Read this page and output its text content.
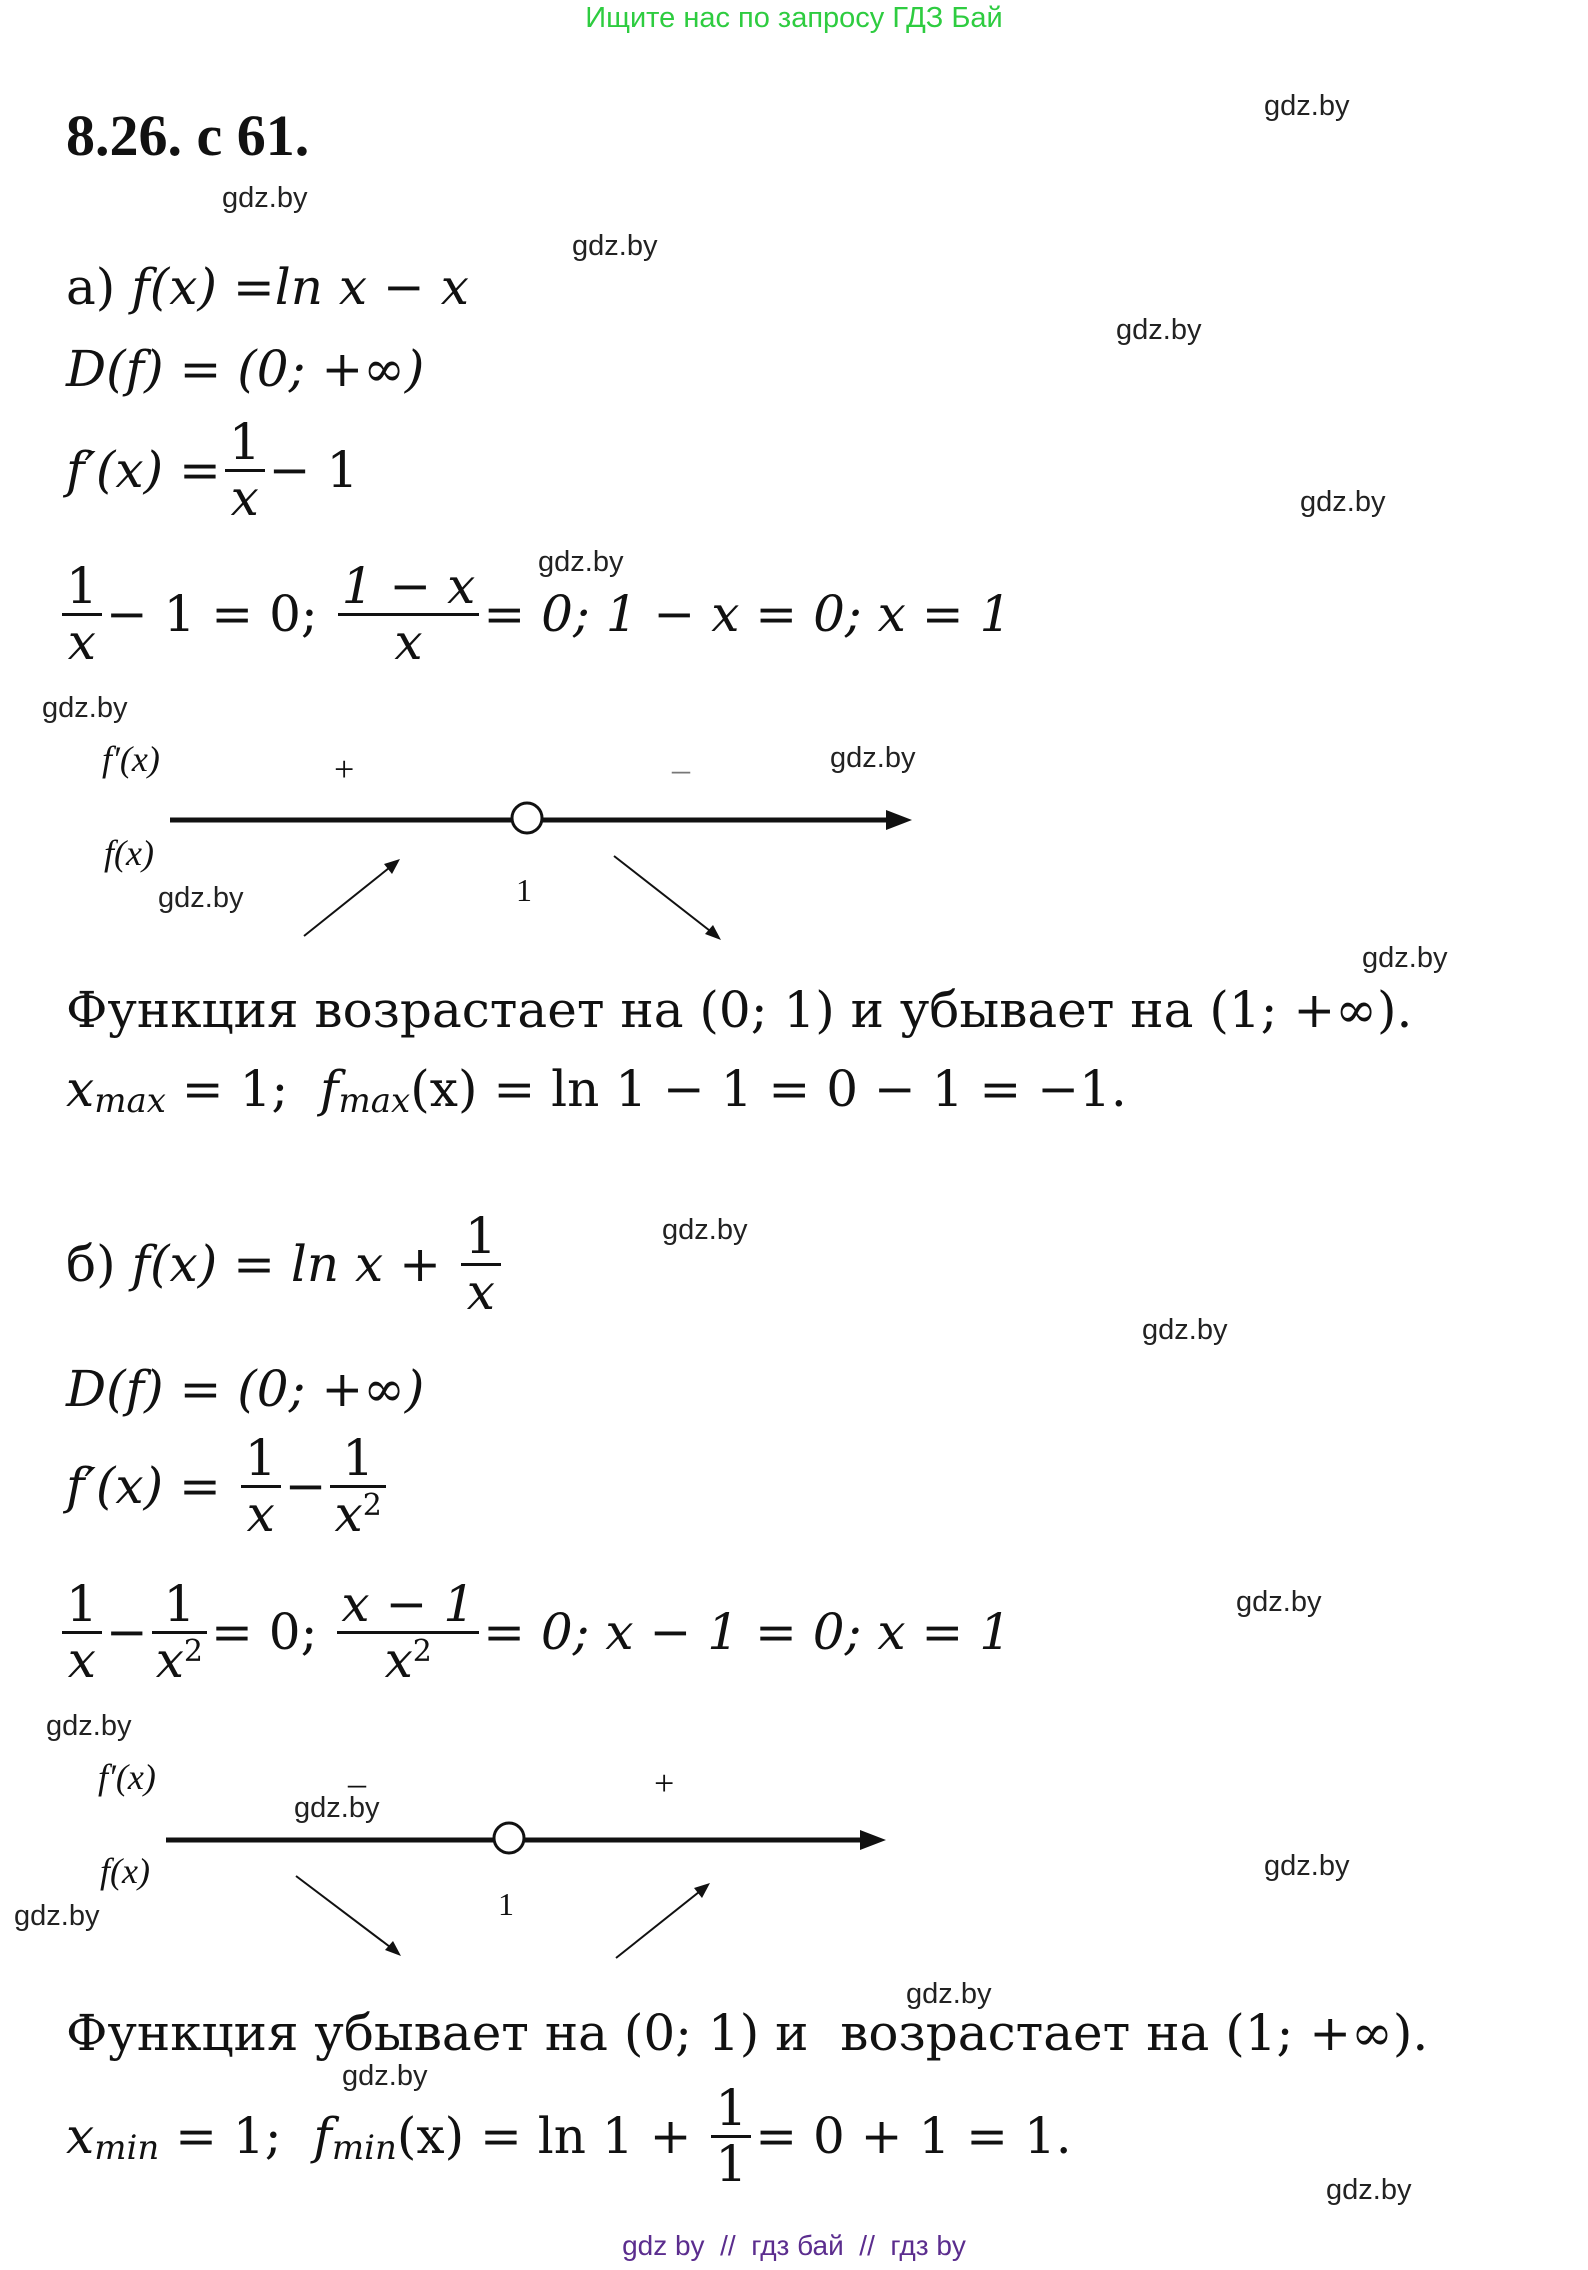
Ищите нас по запросу ГДЗ Бай
8.26. с 61.	gdz.by
gdz.by
gdz.by
gdz.by
gdz.by
gdz.by
gdz.by
gdz.by
gdz.by
gdz.by
gdz.by
gdz.by
gdz.by
gdz.by
gdz.by
gdz.by
gdz.by
gdz.by
gdz.by
gdz.by
а)
f(x) = ln x − x
D(f) = (0; +∞)
$f'(x) = \frac{1}{x} - 1$
$\frac{1}{x} - 1 = 0$;
$\frac{1 - x}{x} = 0$; 1 − x = 0; x = 1
f′(x)
f(x)
+	–
1
Функция возрастает на (0; 1) и убывает на (1; +∞).
x max = 1; f max (x) = ln 1 − 1 = 0 − 1 = −1.
б)
$f(x) = \ln x + \frac{1}{x}$
D(f) = (0; +∞)
$f'(x) = \frac{1}{x} - \frac{1}{x^2}$
$\frac{1}{x} - \frac{1}{x^2} = 0$;
$\frac{x - 1}{x^2} = 0$; x − 1 = 0; x = 1
f′(x)
f(x)
–	+
1
Функция убывает на (0; 1) и  возрастает на (1; +∞).
x min = 1; f $\min (x) = \ln 1 + \frac{1}{1} = 0 + 1 = 1$.
gdz by  //  гдз бай  //  гдз by
